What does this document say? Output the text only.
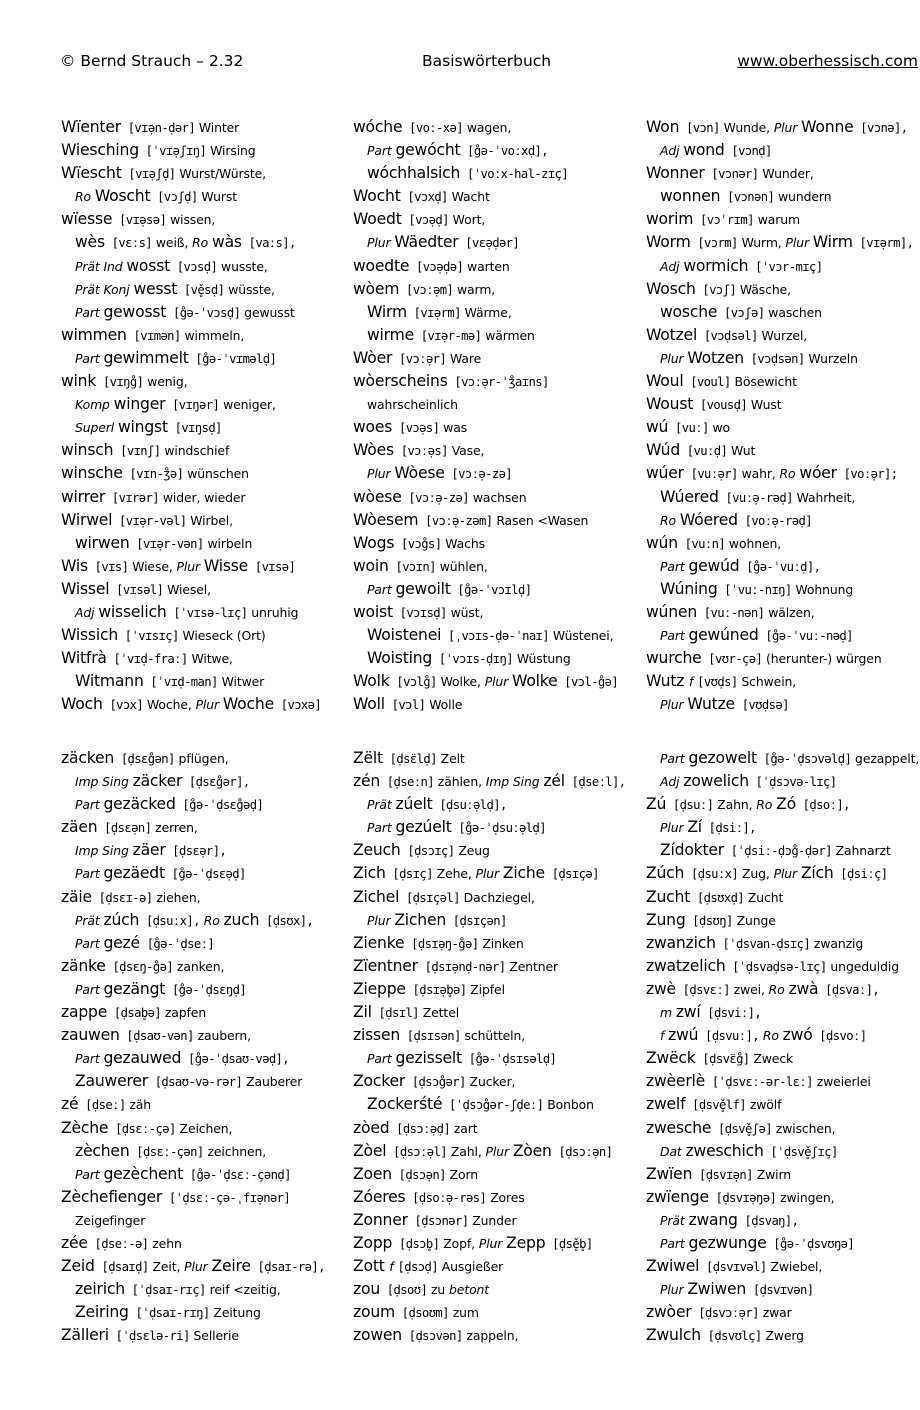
© Bernd Strauch – 2.32	Basiswörterbuch	www.oberhessisch.com
Wïenter [vɪə̣n-ḍər] Winter
Wiesching [ˈvɪə̣ʃɪŋ] Wirsing
Wïescht [vɪə̣ʃḍ] Wurst/Würste,
Ro Woscht [vɔʃḍ] Wurst
wïesse [vɪə̣sə] wissen,
wès [vɛːs] weiß, Ro wàs [vaːs],
Prät Ind wosst [vɔsḍ] wusste,
Prät Konj wesst [vě̥sḍ] wüsste,
Part gewosst [g̊ə-ˈvɔsḍ] gewusst
wimmen [vɪmən] wimmeln,
Part gewimmelt [g̊ə-ˈvɪməlḍ]
wink [vɪŋg̊] wenig,
Komp winger [vɪŋər] weniger,
Superl wingst [vɪŋsḍ]
winsch [vɪnʃ] windschief
winsche [vɪn-ʒ̊ə] wünschen
wirrer [vɪrər] wider, wieder
Wirwel [vɪə̣r-vəl] Wirbel,
wirwen [vɪə̣r-vən] wirbeln
Wis [vɪs] Wiese, Plur Wisse [vɪsə]
Wissel [vɪsəl] Wiesel,
Adj wisselich [ˈvɪsə-lɪç] unruhig
Wissich [ˈvɪsɪç] Wieseck (Ort)
Witfrà [ˈvɪḍ-fraː] Witwe,
Witmann [ˈvɪḍ-man] Witwer
Woch [vɔx] Woche, Plur Woche [vɔxə]
wóche [voː-xə] wagen,
Part gewócht [g̊ə-ˈvoːxḍ],
wóchhalsich [ˈvoːx-hal-zɪç]
Wocht [vɔxḍ] Wacht
Woedt [vɔə̣ḍ] Wort,
Plur Wäedter [vɛə̣ḍər]
woedte [vɔə̣ḍə] warten
wòem [vɔːə̣m] warm,
Wirm [vɪə̣rm] Wärme,
wirme [vɪə̣r-mə] wärmen
Wòer [vɔːə̣r] Ware
wòerscheins [vɔːə̣r-ˈʒ̊aɪns]
wahrscheinlich
woes [vɔə̣s] was
Wòes [vɔːə̣s] Vase,
Plur Wòese [vɔːə̣-zə]
wòese [vɔːə̣-zə] wachsen
Wòesem [vɔːə̣-zəm] Rasen <Wasen
Wogs [vɔg̊s] Wachs
woin [vɔɪn] wühlen,
Part gewoilt [g̊ə-ˈvɔɪlḍ]
woist [vɔɪsḍ] wüst,
Woistenei [ˌvɔɪs-ḍə-ˈnaɪ] Wüstenei,
Woisting [ˈvɔɪs-ḍɪŋ] Wüstung
Wolk [vɔlg̊] Wolke, Plur Wolke [vɔl-g̊ə]
Woll [vɔl] Wolle
Won [vɔn] Wunde, Plur Wonne [vɔnə],
Adj wond [vɔnḍ]
Wonner [vɔnər] Wunder,
wonnen [vɔnən] wundern
worim [vɔˈrɪm] warum
Worm [vɔrm] Wurm, Plur Wirm [vɪə̣rm],
Adj wormich [ˈvɔr-mɪç]
Wosch [vɔʃ] Wäsche,
wosche [vɔʃə] waschen
Wotzel [vɔḍsəl] Wurzel,
Plur Wotzen [vɔḍsən] Wurzeln
Woul [voul] Bösewicht
Woust [vousḍ] Wust
wú [vuː] wo
Wúd [vuːḍ] Wut
wúer [vuːə̣r] wahr, Ro wóer [voːə̣r];
Wúered [vuːə̣-rəḍ] Wahrheit,
Ro Wóered [voːə̣-rəḍ]
wún [vuːn] wohnen,
Part gewúd [g̊ə-ˈvuːḍ],
Wúning [ˈvuː-nɪŋ] Wohnung
wúnen [vuː-nən] wälzen,
Part gewúned [g̊ə-ˈvuː-nəḍ]
wurche [vʊr-çə] (herunter-) würgen
Wutz f [vʊḍs] Schwein,
Plur Wutze [vʊḍsə]
zäcken [ḍsɛg̊ən] pflügen,
Imp Sing zäcker [ḍsɛg̊ər],
Part gezäcked [g̊ə-ˈḍsɛg̊əḍ]
zäen [ḍsɛə̣n] zerren,
Imp Sing zäer [ḍsɛə̣r],
Part gezäedt [g̊ə-ˈḍsɛə̣ḍ]
zäie [ḍsɛɪ-ə] ziehen,
Prät zúch [ḍsuːx], Ro zuch [ḍsʊx],
Part gezé [g̊ə-ˈḍseː]
zänke [ḍsɛŋ-g̊ə] zanken,
Part gezängt [g̊ə-ˈḍsɛŋḍ]
zappe [ḍsab̥ə] zapfen
zauwen [ḍsaʊ-vən] zaubern,
Part gezauwed [g̊ə-ˈḍsaʊ-vəḍ],
Zauwerer [ḍsaʊ-və-rər] Zauberer
zé [ḍseː] zäh
Zèche [ḍsɛː-çə] Zeichen,
zèchen [ḍsɛː-çən] zeichnen,
Part gezèchent [g̊ə-ˈḍsɛː-çənḍ]
Zèchefienger [ˈḍsɛː-çə-ˌfɪə̣nər]
Zeigefinger
zée [ḍseː-ə] zehn
Zeid [ḍsaɪḍ] Zeit, Plur Zeire [ḍsaɪ-rə],
zeirich [ˈḍsaɪ-rɪç] reif <zeitig,
Zeiring [ˈḍsaɪ-rɪŋ] Zeitung
Zälleri [ˈḍsɛlə-ri] Sellerie
Zëlt [ḍsɛ̈lḍ] Zelt
zén [ḍseːn] zählen, Imp Sing zél [ḍseːl],
Prät zúelt [ḍsuːə̣lḍ],
Part gezúelt [g̊ə-ˈḍsuːə̣lḍ]
Zeuch [ḍsɔɪç] Zeug
Zich [ḍsɪç] Zehe, Plur Ziche [ḍsɪçə]
Zichel [ḍsɪçəl] Dachziegel,
Plur Zichen [ḍsɪçən]
Zienke [ḍsɪə̣ŋ-g̊ə] Zinken
Zïentner [ḍsɪə̣nḍ-nər] Zentner
Zieppe [ḍsɪə̣b̥ə] Zipfel
Zil [ḍsɪl] Zettel
zissen [ḍsɪsən] schütteln,
Part gezisselt [g̊ə-ˈḍsɪsəlḍ]
Zocker [ḍsɔg̊ər] Zucker,
Zockerśté [ˈḍsɔg̊ər-ʃḍeː] Bonbon
zòed [ḍsɔːə̣ḍ] zart
Zòel [ḍsɔːə̣l] Zahl, Plur Zòen [ḍsɔːə̣n]
Zoen [ḍsɔə̣n] Zorn
Zóeres [ḍsoːə̣-rəs] Zores
Zonner [ḍsɔnər] Zunder
Zopp [ḍsɔb̥] Zopf, Plur Zepp [ḍsě̥b̥]
Zott f [ḍsɔḍ] Ausgießer
zou [ḍsoʊ] zu betont
zoum [ḍsoʊm] zum
zowen [ḍsɔvən] zappeln,
Part gezowelt [g̊ə-ˈḍsɔvəlḍ] gezappelt,
Adj zowelich [ˈḍsɔvə-lɪç]
Zú [ḍsuː] Zahn, Ro Zó [ḍsoː],
Plur Zí [ḍsiː],
Zídokter [ˈḍsiː-ḍɔg̊-ḍər] Zahnarzt
Zúch [ḍsuːx] Zug, Plur Zích [ḍsiːç]
Zucht [ḍsʊxḍ] Zucht
Zung [ḍsʊŋ] Zunge
zwanzich [ˈḍsvan-ḍsɪç] zwanzig
zwatzelich [ˈḍsvaḍsə-lɪç] ungeduldig
zwè [ḍsvɛː] zwei, Ro zwà [ḍsvaː],
m zwí [ḍsviː],
f zwú [ḍsvuː], Ro zwó [ḍsvoː]
Zwëck [ḍsvɛ̈g̊] Zweck
zwèerlè [ˈḍsvɛː-ər-lɛː] zweierlei
zwelf [ḍsvě̥lf] zwölf
zwesche [ḍsvě̥ʃə] zwischen,
Dat zweschich [ˈḍsvě̥ʃɪç]
Zwïen [ḍsvɪə̣n] Zwirn
zwïenge [ḍsvɪə̣ŋə] zwingen,
Prät zwang [ḍsvaŋ],
Part gezwunge [g̊ə-ˈḍsvʊŋə]
Zwiwel [ḍsvɪvəl] Zwiebel,
Plur Zwiwen [ḍsvɪvən]
zwòer [ḍsvɔːə̣r] zwar
Zwulch [ḍsvʊlç] Zwerg
